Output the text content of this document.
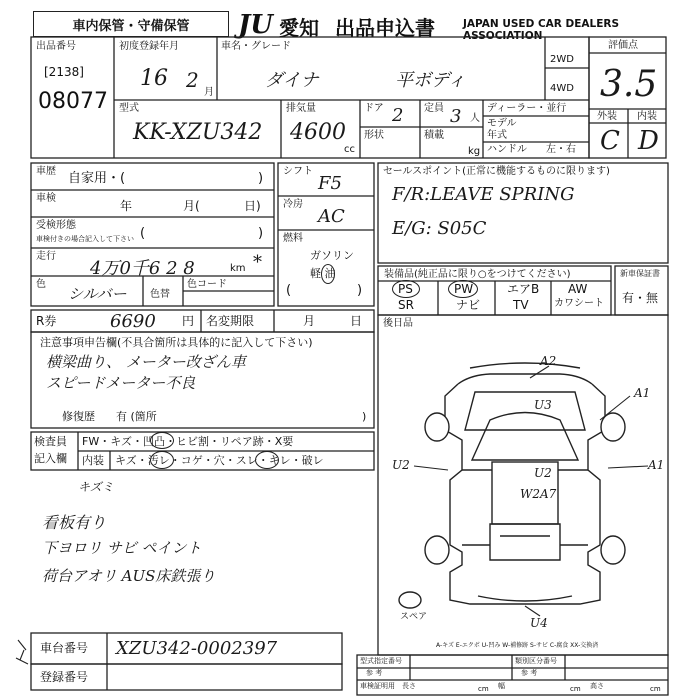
車内保管・守備保管 JU 愛知 出品申込書	JAPAN USED CAR DEALERS ASSOCIATION
出品番号
[2138]
08077
初度登録年月
16 2
月
車名・グレード
ダイナ	平ボディ
2WD
4WD
評価点
3.5
外装 内装
C D
型式
KK-XZU342
排気量
4600
cc
ドア 2 定員 3 人
形状	積載
kg
ディーラー・並行
モデル
年式
ハンドル 左・右
車歴 自家用・(	)
車検
年	月(	日)
受検形態
車検付きの場合記入して下さい (	)
走行
4万0千6 2 8	km *
色
シルバー 色替
色コード
シフト
F5
冷房
AC
燃料
ガソリン
軽 油
(	)
セールスポイント(正常に機能するものに限ります)
F/R:LEAVE SPRING
E/G: S05C
装備品(純正品に限り○をつけてください)
PS	PW	エアB AW
SR	ナビ	TV	カワシート
新車保証書
有・無
R券	6690 円 名変期限	月	日 後日品
注意事項申告欄(不具合箇所は具体的に記入して下さい)
横梁曲り、 メーター改ざん車
スピードメーター不良
修復歴 有 (箇所	)
検査員
記入欄
FW・キズ・凹凸・ヒビ割・リペア跡・X要
内装 キズ・汚レ・コゲ・穴・スレ・キレ・破レ
キズミ
看板有り
下ヨロリ サビ ペイント
荷台アオリ AUS床鉄張り
A2
A1
U3
U2
U2
A1
W2A7
U4
スペア
A-キズ E-エクボ U-凹み W-補修跡 S-サビ C-腐食 XX-交換済
車台番号 XZU342-0002397
登録番号
型式指定番号
参 考
類別区分番号
参 考
車検証明用 長さ	幅	高さ
cm	cm	cm
